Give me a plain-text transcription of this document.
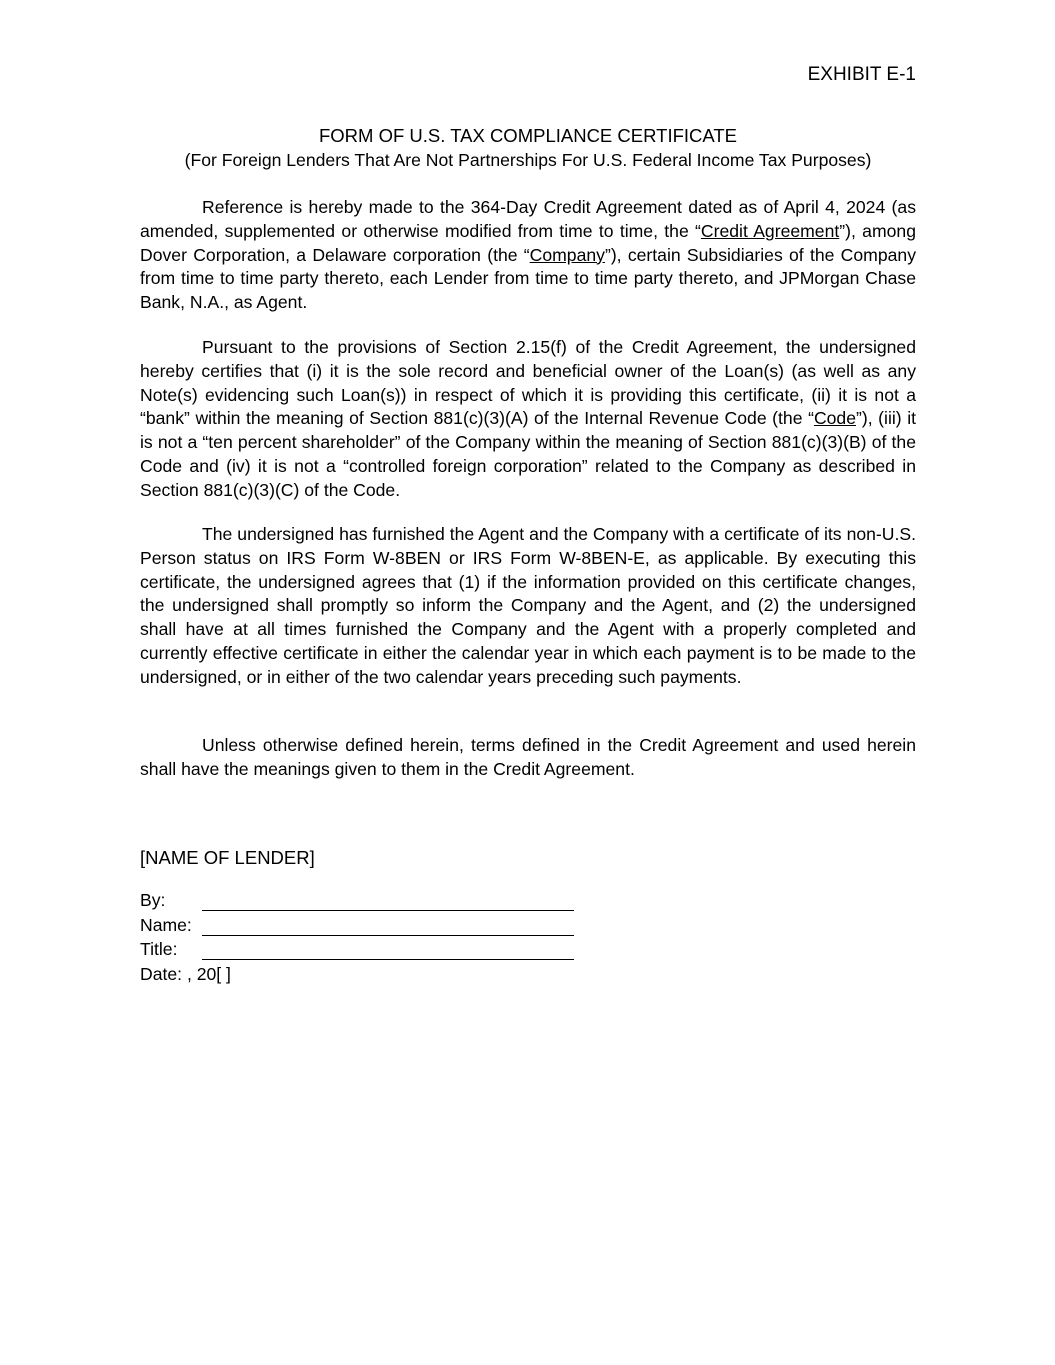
EXHIBIT E-1
FORM OF U.S. TAX COMPLIANCE CERTIFICATE
(For Foreign Lenders That Are Not Partnerships For U.S. Federal Income Tax Purposes)

Reference is hereby made to the 364-Day Credit Agreement dated as of April 4, 2024 (as amended, supplemented or otherwise modified from time to time, the “Credit Agreement”), among Dover Corporation, a Delaware corporation (the “Company”), certain Subsidiaries of the Company from time to time party thereto, each Lender from time to time party thereto, and JPMorgan Chase Bank, N.A., as Agent.

Pursuant to the provisions of Section 2.15(f) of the Credit Agreement, the undersigned hereby certifies that (i) it is the sole record and beneficial owner of the Loan(s) (as well as any Note(s) evidencing such Loan(s)) in respect of which it is providing this certificate, (ii) it is not a “bank” within the meaning of Section 881(c)(3)(A) of the Internal Revenue Code (the “Code”), (iii) it is not a “ten percent shareholder” of the Company within the meaning of Section 881(c)(3)(B) of the Code and (iv) it is not a “controlled foreign corporation” related to the Company as described in Section 881(c)(3)(C) of the Code.

The undersigned has furnished the Agent and the Company with a certificate of its non-U.S. Person status on IRS Form W-8BEN or IRS Form W-8BEN-E, as applicable. By executing this certificate, the undersigned agrees that (1) if the information provided on this certificate changes, the undersigned shall promptly so inform the Company and the Agent, and (2) the undersigned shall have at all times furnished the Company and the Agent with a properly completed and currently effective certificate in either the calendar year in which each payment is to be made to the undersigned, or in either of the two calendar years preceding such payments.

Unless otherwise defined herein, terms defined in the Credit Agreement and used herein shall have the meanings given to them in the Credit Agreement.

[NAME OF LENDER]
By:
Name:
Title:
Date: , 20[ ]
